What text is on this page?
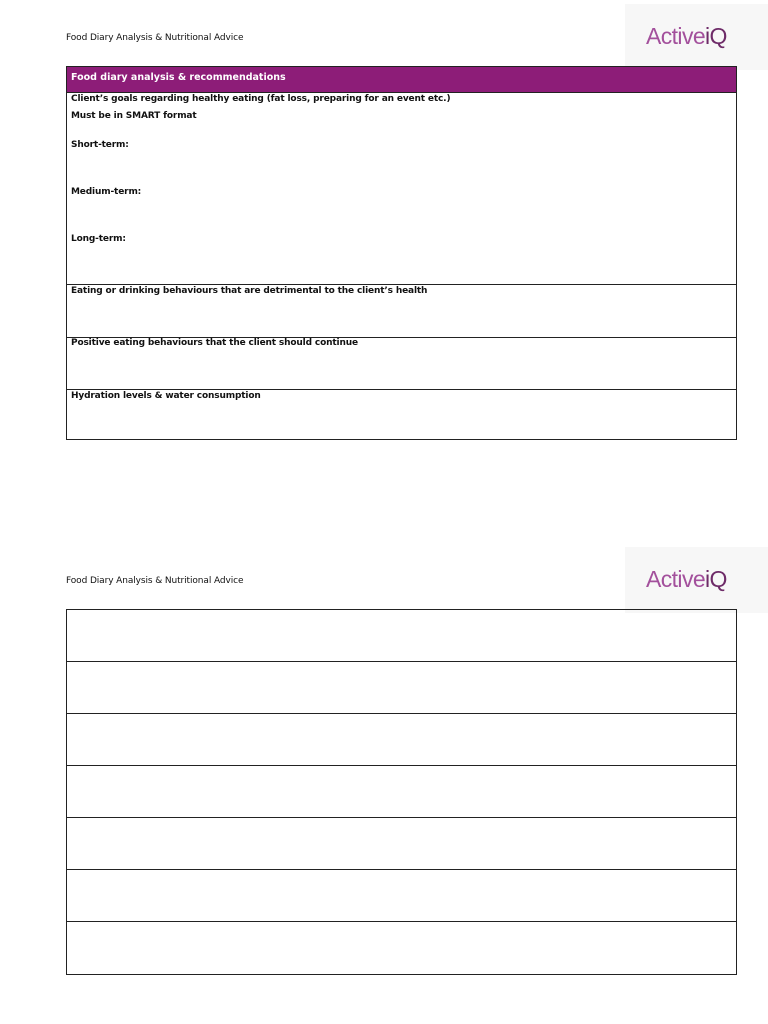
Food Diary Analysis & Nutritional Advice	ActiveiQ
Food diary analysis & recommendations
Client’s goals regarding healthy eating (fat loss, preparing for an event etc.)
Must be in SMART format
Short-term:
Medium-term:
Long-term:
Eating or drinking behaviours that are detrimental to the client’s health
Positive eating behaviours that the client should continue
Hydration levels & water consumption
Food Diary Analysis & Nutritional Advice	ActiveiQ
